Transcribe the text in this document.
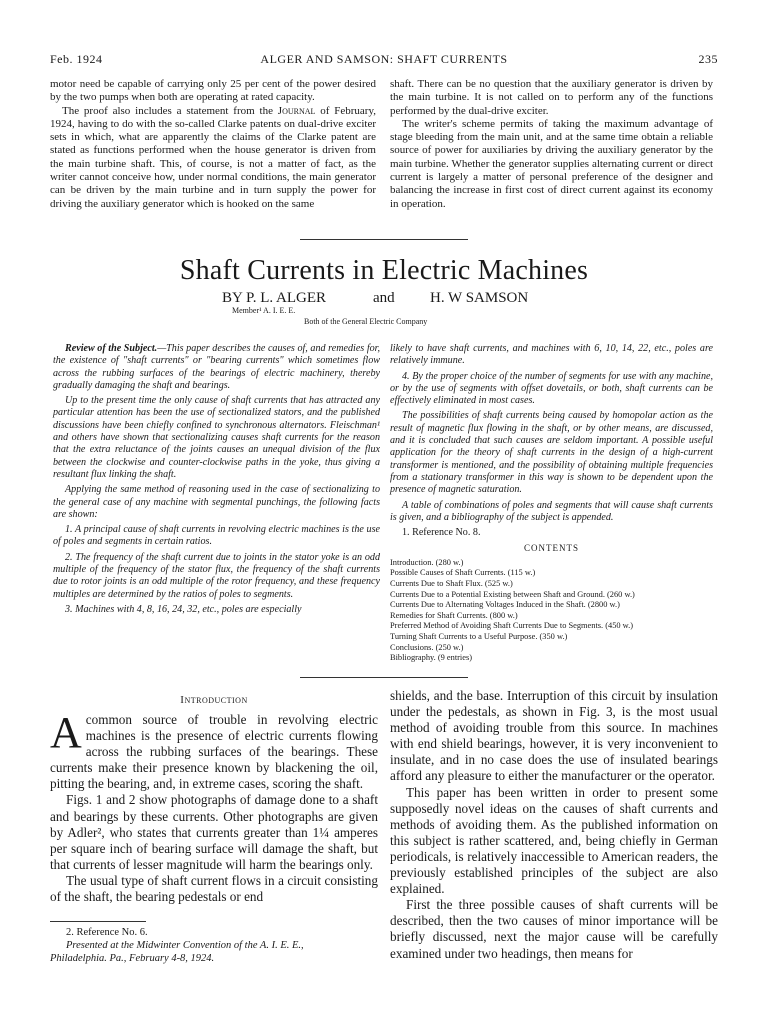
Feb. 1924	ALGER AND SAMSON: SHAFT CURRENTS	235

motor need be capable of carrying only 25 per cent of the power desired by the two pumps when both are operating at rated capacity.

The proof also includes a statement from the Journal of February, 1924, having to do with the so-called Clarke patents on dual-drive exciter sets in which, what are apparently the claims of the Clarke patent are stated as functions performed when the house generator is driven from the main turbine shaft. This, of course, is not a matter of fact, as the writer cannot conceive how, under normal conditions, the main generator can be driven by the main turbine and in turn supply the power for driving the auxiliary generator which is hooked on the same

shaft. There can be no question that the auxiliary generator is driven by the main turbine. It is not called on to perform any of the functions performed by the dual-drive exciter.

The writer's scheme permits of taking the maximum advantage of stage bleeding from the main unit, and at the same time obtain a reliable source of power for auxiliaries by driving the auxiliary generator by the main turbine. Whether the generator supplies alternating current or direct current is largely a matter of personal preference of the designer and balancing the increase in first cost of direct current against its economy in operation.

Shaft Currents in Electric Machines
BY P. L. ALGER	and H. W SAMSON
Member¹ A. I. E. E.
Both of the General Electric Company

Review of the Subject.—This paper describes the causes of, and remedies for, the existence of "shaft currents" or "bearing currents" which sometimes flow across the rubbing surfaces of the bearings of electric machinery, thereby gradually damaging the shaft and bearings.

Up to the present time the only cause of shaft currents that has attracted any particular attention has been the use of sectionalized stators, and the published discussions have been chiefly confined to synchronous alternators. Fleischman¹ and others have shown that sectionalizing causes shaft currents for the reason that the extra reluctance of the joints causes an unequal division of the flux between the clockwise and counter-clockwise paths in the yoke, thus giving a resultant flux linking the shaft.

Applying the same method of reasoning used in the case of sectionalizing to the general case of any machine with segmental punchings, the following facts are shown:

1. A principal cause of shaft currents in revolving electric machines is the use of poles and segments in certain ratios.

2. The frequency of the shaft current due to joints in the stator yoke is an odd multiple of the frequency of the stator flux, the frequency of the shaft currents due to rotor joints is an odd multiple of the rotor frequency, and these frequency multiples are determined by the ratios of poles to segments.

3. Machines with 4, 8, 16, 24, 32, etc., poles are especially

likely to have shaft currents, and machines with 6, 10, 14, 22, etc., poles are relatively immune.

4. By the proper choice of the number of segments for use with any machine, or by the use of segments with offset dovetails, or both, shaft currents can be effectively eliminated in most cases.

The possibilities of shaft currents being caused by homopolar action as the result of magnetic flux flowing in the shaft, or by other means, are discussed, and it is concluded that such causes are seldom important. A possible useful application for the theory of shaft currents in the design of a high-current transformer is mentioned, and the possibility of obtaining multiple frequencies from a stationary transformer in this way is shown to be dependent upon the presence of magnetic saturation.

A table of combinations of poles and segments that will cause shaft currents is given, and a bibliography of the subject is appended.

1. Reference No. 8.

CONTENTS

Introduction. (280 w.)
Possible Causes of Shaft Currents. (115 w.)
Currents Due to Shaft Flux. (525 w.)
Currents Due to a Potential Existing between Shaft and Ground. (260 w.)
Currents Due to Alternating Voltages Induced in the Shaft. (2800 w.)
Remedies for Shaft Currents. (800 w.)
Preferred Method of Avoiding Shaft Currents Due to Segments. (450 w.)
Turning Shaft Currents to a Useful Purpose. (350 w.)
Conclusions. (250 w.)
Bibliography. (9 entries)
Introduction

Acommon source of trouble in revolving electric machines is the presence of electric currents flowing across the rubbing surfaces of the bearings. These currents make their presence known by blackening the oil, pitting the bearing, and, in extreme cases, scoring the shaft.

Figs. 1 and 2 show photographs of damage done to a shaft and bearings by these currents. Other photographs are given by Adler², who states that currents greater than 1¼ amperes per square inch of bearing surface will damage the shaft, but that currents of lesser magnitude will harm the bearings only.

The usual type of shaft current flows in a circuit consisting of the shaft, the bearing pedestals or end

shields, and the base. Interruption of this circuit by insulation under the pedestals, as shown in Fig. 3, is the most usual method of avoiding trouble from this source. In machines with end shield bearings, however, it is very inconvenient to insulate, and in no case does the use of insulated bearings afford any pleasure to either the manufacturer or the operator.

This paper has been written in order to present some supposedly novel ideas on the causes of shaft currents and methods of avoiding them. As the published information on this subject is rather scattered, and, being chiefly in German periodicals, is relatively inaccessible to American readers, the previously established principles of the subject are also explained.

First the three possible causes of shaft currents will be described, then the two causes of minor importance will be briefly discussed, next the major cause will be carefully examined under two headings, then means for

2. Reference No. 6.
Presented at the Midwinter Convention of the A. I. E. E.,
Philadelphia. Pa., February 4-8, 1924.
